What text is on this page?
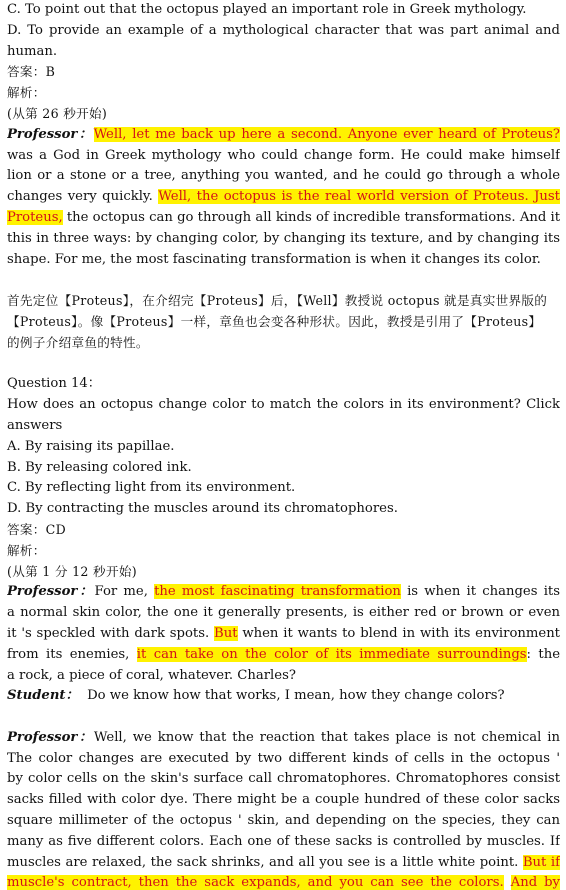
C. To point out that the octopus played an important role in Greek mythology.
D. To provide an example of a mythological character that was part animal and
human.
答案：B
解析：
(从第 26 秒开始)
Professor：Well, let me back up here a second. Anyone ever heard of Proteus?
was a God in Greek mythology who could change form. He could make himself
lion or a stone or a tree, anything you wanted, and he could go through a whole
changes very quickly. Well, the octopus is the real world version of Proteus. Just
Proteus, the octopus can go through all kinds of incredible transformations. And it
this in three ways: by changing color, by changing its texture, and by changing its
shape. For me, the most fascinating transformation is when it changes its color.
首先定位【Proteus】，在介绍完【Proteus】后，【Well】教授说 octopus 就是真实世界版的
【Proteus】。像【Proteus】一样，章鱼也会变各种形状。因此，教授是引用了【Proteus】
的例子介绍章鱼的特性。
Question 14：
How does an octopus change color to match the colors in its environment? Click
answers
A. By raising its papillae.
B. By releasing colored ink.
C. By reflecting light from its environment.
D. By contracting the muscles around its chromatophores.
答案：CD
解析：
(从第 1 分 12 秒开始)
Professor：For me, the most fascinating transformation is when it changes its
a normal skin color, the one it generally presents, is either red or brown or even
it 's speckled with dark spots. But when it wants to blend in with its environment
from its enemies, it can take on the color of its immediate surroundings: the
a rock, a piece of coral, whatever. Charles?
Student： Do we know how that works, I mean, how they change colors?
Professor：Well, we know that the reaction that takes place is not chemical in
The color changes are executed by two different kinds of cells in the octopus '
by color cells on the skin's surface call chromatophores. Chromatophores consist
sacks filled with color dye. There might be a couple hundred of these color sacks
square millimeter of the octopus ' skin, and depending on the species, they can
many as five different colors. Each one of these sacks is controlled by muscles. If
muscles are relaxed, the sack shrinks, and all you see is a little white point. But if
muscle's contract, then the sack expands, and you can see the colors. And by
